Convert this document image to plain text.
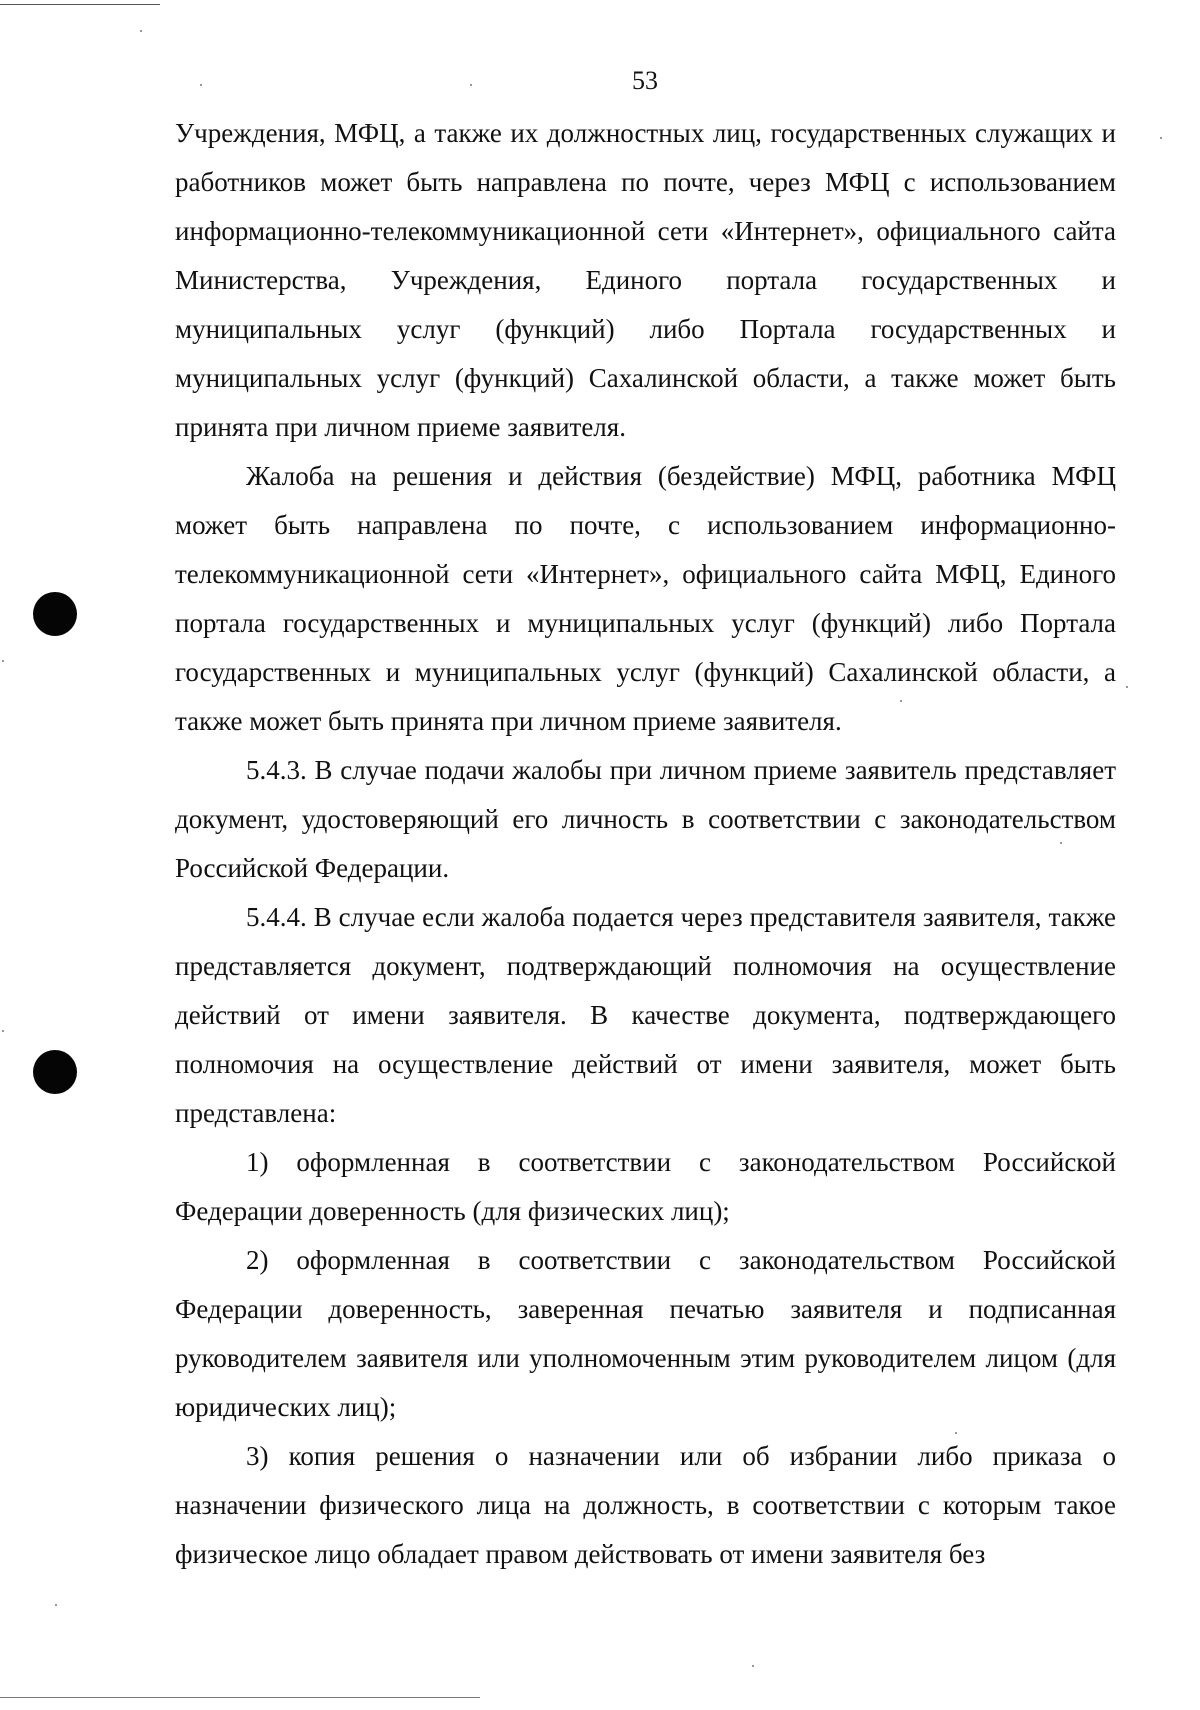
53

Учреждения, МФЦ, а также их должностных лиц, государственных служащих и работников может быть направлена по почте, через МФЦ с использованием информационно-телекоммуникационной сети «Интернет», официального сайта Министерства, Учреждения, Единого портала государственных и муниципальных услуг (функций) либо Портала государственных и муниципальных услуг (функций) Сахалинской области, а также может быть принята при личном приеме заявителя.

Жалоба на решения и действия (бездействие) МФЦ, работника МФЦ может быть направлена по почте, с использованием информационно-телекоммуникационной сети «Интернет», официального сайта МФЦ, Единого портала государственных и муниципальных услуг (функций) либо Портала государственных и муниципальных услуг (функций) Сахалинской области, а также может быть принята при личном приеме заявителя.

5.4.3. В случае подачи жалобы при личном приеме заявитель представляет документ, удостоверяющий его личность в соответствии с законодательством Российской Федерации.

5.4.4. В случае если жалоба подается через представителя заявителя, также представляется документ, подтверждающий полномочия на осуществление действий от имени заявителя. В качестве документа, подтверждающего полномочия на осуществление действий от имени заявителя, может быть представлена:

1) оформленная в соответствии с законодательством Российской Федерации доверенность (для физических лиц);

2) оформленная в соответствии с законодательством Российской Федерации доверенность, заверенная печатью заявителя и подписанная руководителем заявителя или уполномоченным этим руководителем лицом (для юридических лиц);

3) копия решения о назначении или об избрании либо приказа о назначении физического лица на должность, в соответствии с которым такое физическое лицо обладает правом действовать от имени заявителя без
